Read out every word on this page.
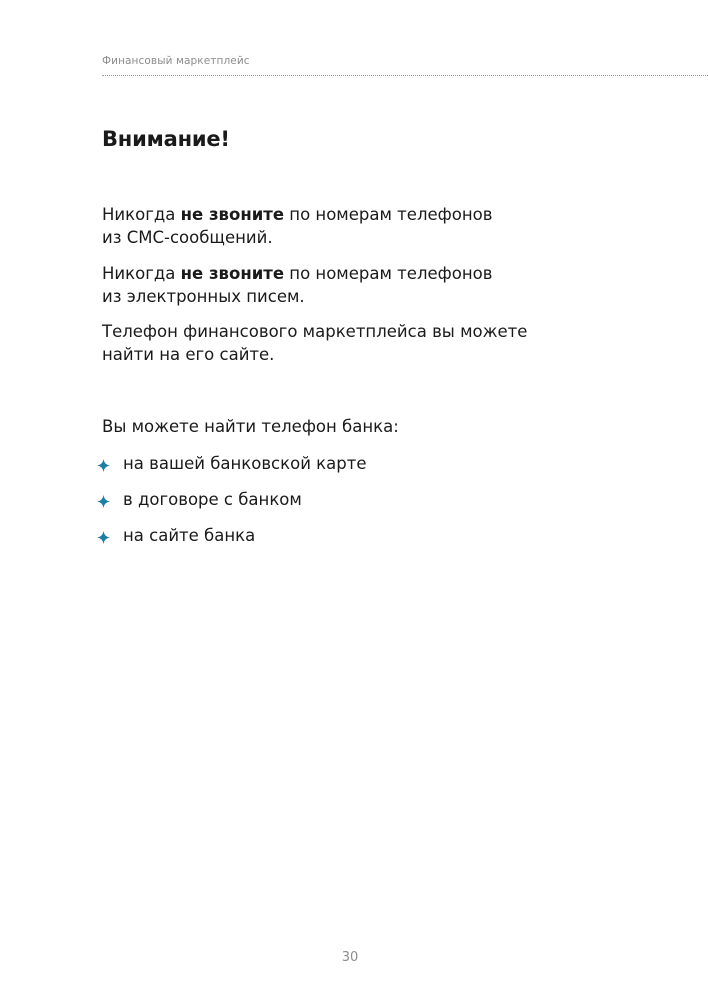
Финансовый маркетплейс
Внимание!

Никогда не звоните по номерам телефонов
из СМС-сообщений.

Никогда не звоните по номерам телефонов
из электронных писем.

Телефон финансового маркетплейса вы можете
найти на его сайте.

Вы можете найти телефон банка:

на вашей банковской карте
в договоре с банком
на сайте банка
30
